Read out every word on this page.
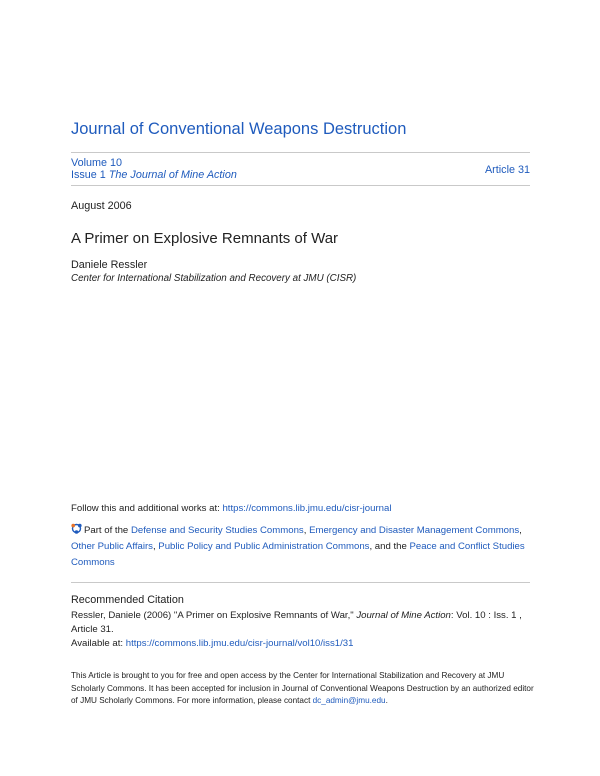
Journal of Conventional Weapons Destruction
Volume 10
Issue 1 The Journal of Mine Action	Article 31
August 2006
A Primer on Explosive Remnants of War
Daniele Ressler
Center for International Stabilization and Recovery at JMU (CISR)
Follow this and additional works at: https://commons.lib.jmu.edu/cisr-journal
Part of the Defense and Security Studies Commons, Emergency and Disaster Management Commons,
Other Public Affairs, Public Policy and Public Administration Commons, and the Peace and Conflict Studies Commons
Recommended Citation
Ressler, Daniele (2006) "A Primer on Explosive Remnants of War," Journal of Mine Action: Vol. 10 : Iss. 1 , Article 31.
Available at: https://commons.lib.jmu.edu/cisr-journal/vol10/iss1/31
This Article is brought to you for free and open access by the Center for International Stabilization and Recovery at JMU Scholarly Commons. It has been accepted for inclusion in Journal of Conventional Weapons Destruction by an authorized editor of JMU Scholarly Commons. For more information, please contact dc_admin@jmu.edu.
